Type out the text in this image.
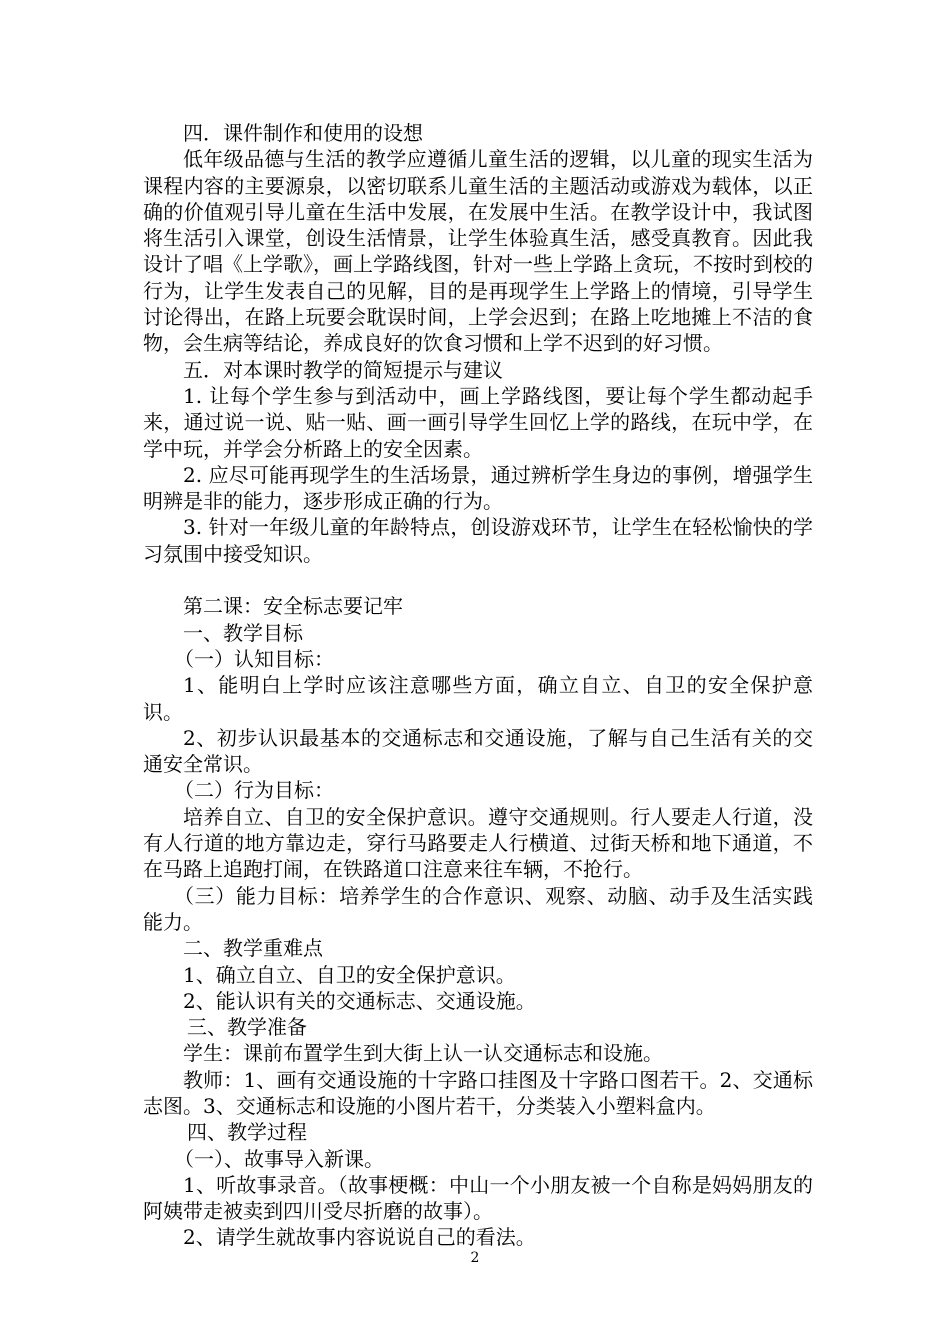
四．课件制作和使用的设想

低年级品德与生活的教学应遵循儿童生活的逻辑，以儿童的现实生活为课程内容的主要源泉，以密切联系儿童生活的主题活动或游戏为载体，以正确的价值观引导儿童在生活中发展，在发展中生活。在教学设计中，我试图将生活引入课堂，创设生活情景，让学生体验真生活，感受真教育。因此我设计了唱《上学歌》，画上学路线图，针对一些上学路上贪玩，不按时到校的行为，让学生发表自己的见解，目的是再现学生上学路上的情境，引导学生讨论得出，在路上玩要会耽误时间，上学会迟到；在路上吃地摊上不洁的食物，会生病等结论，养成良好的饮食习惯和上学不迟到的好习惯。

五．对本课时教学的简短提示与建议

1. 让每个学生参与到活动中，画上学路线图，要让每个学生都动起手来，通过说一说、贴一贴、画一画引导学生回忆上学的路线，在玩中学，在学中玩，并学会分析路上的安全因素。

2. 应尽可能再现学生的生活场景，通过辨析学生身边的事例，增强学生明辨是非的能力，逐步形成正确的行为。

3. 针对一年级儿童的年龄特点，创设游戏环节，让学生在轻松愉快的学习氛围中接受知识。

第二课：安全标志要记牢

一、教学目标

（一）认知目标：

1、能明白上学时应该注意哪些方面，确立自立、自卫的安全保护意识。

2、初步认识最基本的交通标志和交通设施，了解与自己生活有关的交通安全常识。

（二）行为目标：

培养自立、自卫的安全保护意识。遵守交通规则。行人要走人行道，没有人行道的地方靠边走，穿行马路要走人行横道、过街天桥和地下通道，不在马路上追跑打闹，在铁路道口注意来往车辆，不抢行。

（三）能力目标：培养学生的合作意识、观察、动脑、动手及生活实践能力。

二、教学重难点

1、确立自立、自卫的安全保护意识。

2、能认识有关的交通标志、交通设施。

三、教学准备

学生：课前布置学生到大街上认一认交通标志和设施。

教师：1、画有交通设施的十字路口挂图及十字路口图若干。2、交通标志图。3、交通标志和设施的小图片若干，分类装入小塑料盒内。

四、教学过程

（一）、故事导入新课。

1、听故事录音。（故事梗概：中山一个小朋友被一个自称是妈妈朋友的阿姨带走被卖到四川受尽折磨的故事）。

2、请学生就故事内容说说自己的看法。

2
